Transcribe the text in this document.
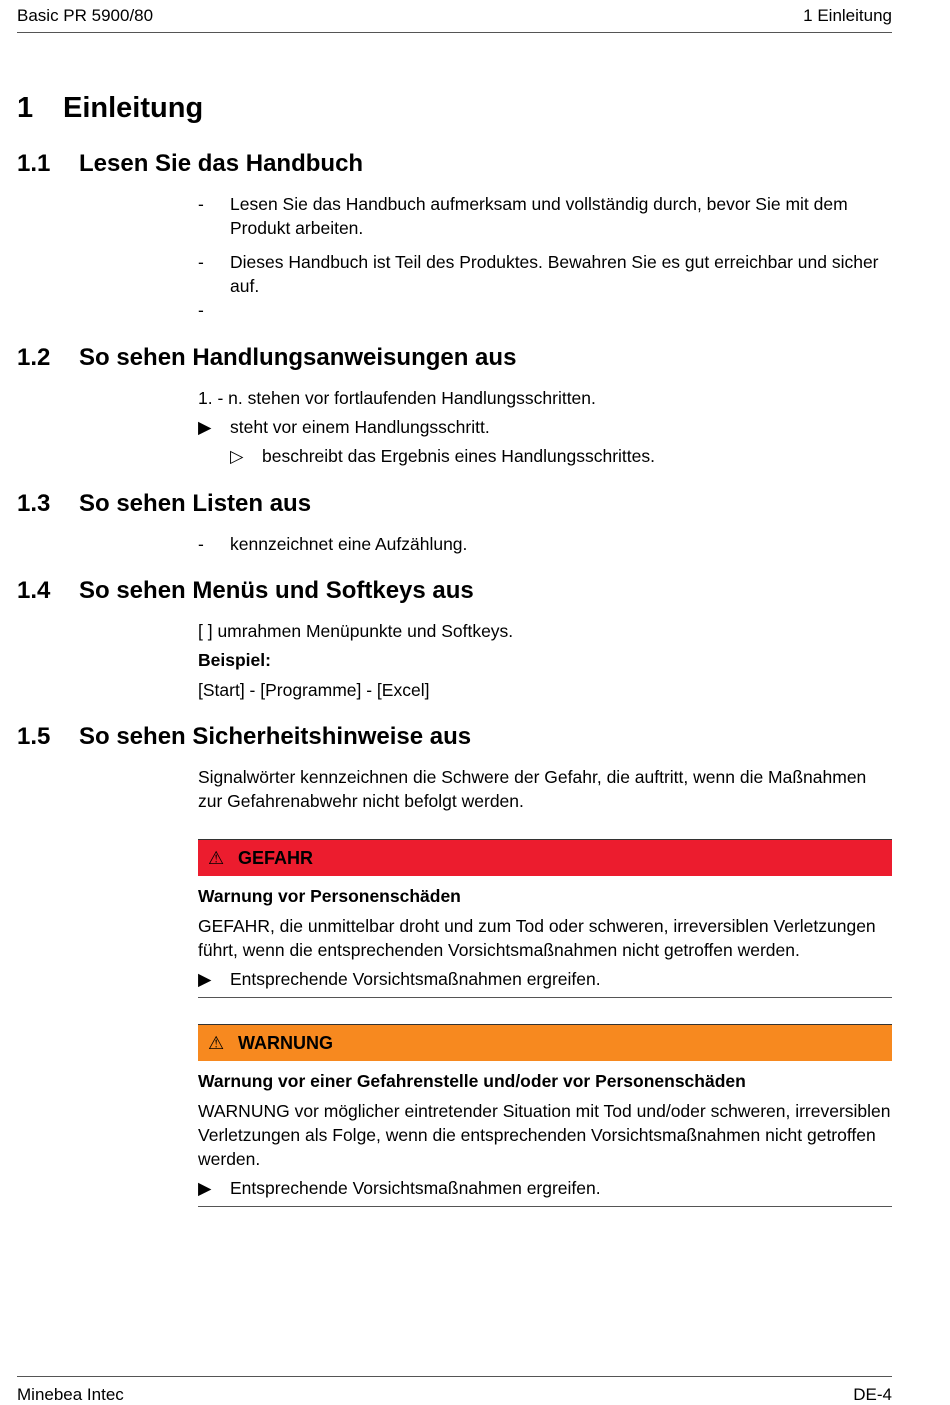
Basic PR 5900/80	1 Einleitung
1 Einleitung
1.1 Lesen Sie das Handbuch
-	Lesen Sie das Handbuch aufmerksam und vollständig durch, bevor Sie mit dem Produkt arbeiten.
-	Dieses Handbuch ist Teil des Produktes. Bewahren Sie es gut erreichbar und sicher auf.
-
1.2 So sehen Handlungsanweisungen aus
1. - n. stehen vor fortlaufenden Handlungsschritten.
▶	steht vor einem Handlungsschritt.
▷	beschreibt das Ergebnis eines Handlungsschrittes.
1.3 So sehen Listen aus
-	kennzeichnet eine Aufzählung.
1.4 So sehen Menüs und Softkeys aus
[ ] umrahmen Menüpunkte und Softkeys.
Beispiel:
[Start] - [Programme] - [Excel]
1.5 So sehen Sicherheitshinweise aus
Signalwörter kennzeichnen die Schwere der Gefahr, die auftritt, wenn die Maßnahmen zur Gefahrenabwehr nicht befolgt werden.
⚠ GEFAHR
Warnung vor Personenschäden
GEFAHR, die unmittelbar droht und zum Tod oder schweren, irreversiblen Verletzungen führt, wenn die entsprechenden Vorsichtsmaßnahmen nicht getroffen werden.
▶	Entsprechende Vorsichtsmaßnahmen ergreifen.
⚠ WARNUNG
Warnung vor einer Gefahrenstelle und/oder vor Personenschäden
WARNUNG vor möglicher eintretender Situation mit Tod und/oder schweren, irreversiblen Verletzungen als Folge, wenn die entsprechenden Vorsichtsmaßnahmen nicht getroffen werden.
▶	Entsprechende Vorsichtsmaßnahmen ergreifen.
Minebea Intec	DE-4
